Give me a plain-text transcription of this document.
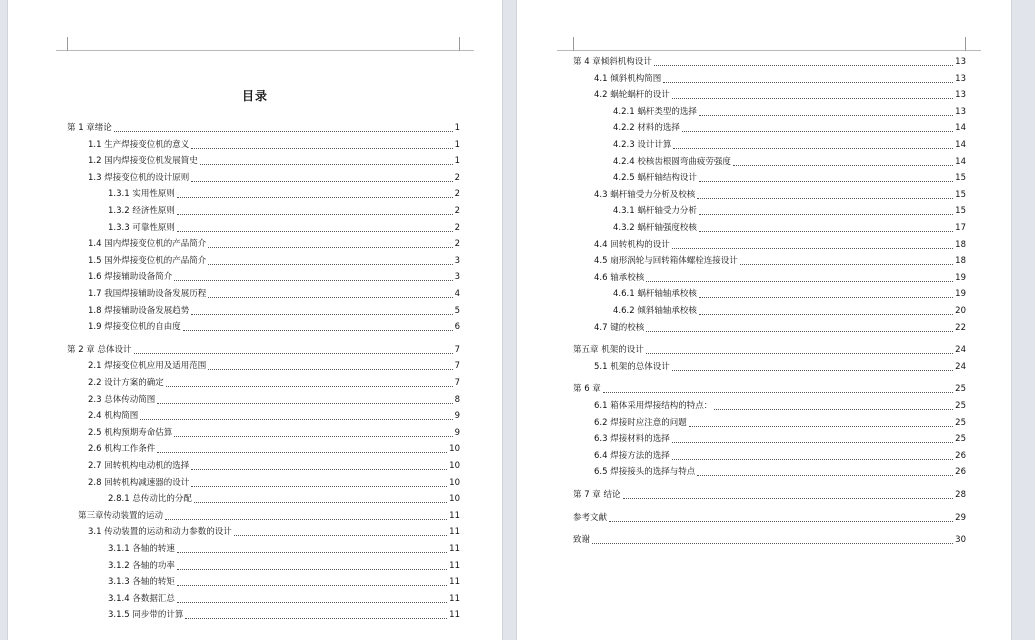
目录
第 1 章绪论	1
1.1 生产焊接变位机的意义	1
1.2 国内焊接变位机发展简史	1
1.3 焊接变位机的设计原则	2
1.3.1 实用性原则	2
1.3.2 经济性原则	2
1.3.3 可靠性原则	2
1.4 国内焊接变位机的产品简介	2
1.5 国外焊接变位机的产品简介	3
1.6 焊接辅助设备简介	3
1.7 我国焊接辅助设备发展历程	4
1.8 焊接辅助设备发展趋势	5
1.9 焊接变位机的自由度	6
第 2 章 总体设计	7
2.1 焊接变位机应用及适用范围	7
2.2 设计方案的确定	7
2.3 总体传动简图	8
2.4 机构简图	9
2.5 机构预期寿命估算	9
2.6 机构工作条件	10
2.7 回转机构电动机的选择	10
2.8 回转机构减速器的设计	10
2.8.1 总传动比的分配	10
第三章传动装置的运动	11
3.1 传动装置的运动和动力参数的设计	11
3.1.1 各轴的转速	11
3.1.2 各轴的功率	11
3.1.3 各轴的转矩	11
3.1.4 各数据汇总	11
3.1.5 同步带的计算	11
第 4 章倾斜机构设计	13
4.1 倾斜机构简图	13
4.2 蜗轮蜗杆的设计	13
4.2.1 蜗杆类型的选择	13
4.2.2 材料的选择	14
4.2.3 设计计算	14
4.2.4 校核齿根圆弯曲疲劳强度	14
4.2.5 蜗杆轴结构设计	15
4.3 蜗杆轴受力分析及校核	15
4.3.1 蜗杆轴受力分析	15
4.3.2 蜗杆轴强度校核	17
4.4 回转机构的设计	18
4.5 扇形涡轮与回转箱体螺栓连接设计	18
4.6 轴承校核	19
4.6.1 蜗杆轴轴承校核	19
4.6.2 倾斜轴轴承校核	20
4.7 键的校核	22
第五章 机架的设计	24
5.1 机架的总体设计	24
第 6 章	25
6.1 箱体采用焊接结构的特点：	25
6.2 焊接时应注意的问题	25
6.3 焊接材料的选择	25
6.4 焊接方法的选择	26
6.5 焊接接头的选择与特点	26
第 7 章 结论	28
参考文献	29
致谢	30
